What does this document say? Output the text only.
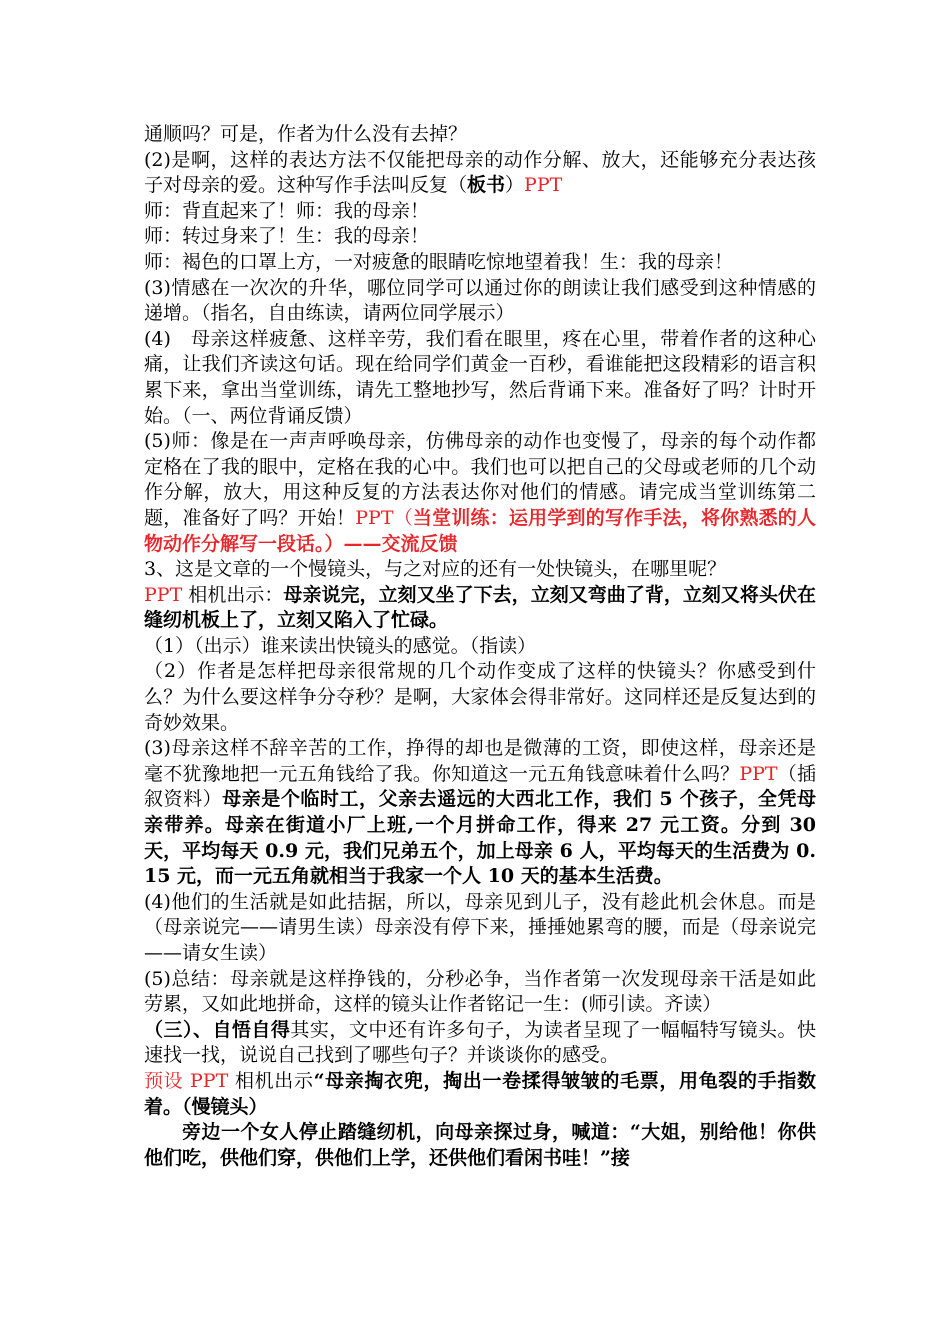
通顺吗？可是，作者为什么没有去掉？

(2)是啊，这样的表达方法不仅能把母亲的动作分解、放大，还能够充分表达孩子对母亲的爱。这种写作手法叫反复（板书）PPT

师：背直起来了！师：我的母亲！

师：转过身来了！生：我的母亲！

师：褐色的口罩上方，一对疲惫的眼睛吃惊地望着我！生：我的母亲！

(3)情感在一次次的升华，哪位同学可以通过你的朗读让我们感受到这种情感的递增。（指名，自由练读，请两位同学展示）

(4)　母亲这样疲惫、这样辛劳，我们看在眼里，疼在心里，带着作者的这种心痛，让我们齐读这句话。现在给同学们黄金一百秒，看谁能把这段精彩的语言积累下来，拿出当堂训练，请先工整地抄写，然后背诵下来。准备好了吗？计时开始。（一、两位背诵反馈）

(5)师：像是在一声声呼唤母亲，仿佛母亲的动作也变慢了，母亲的每个动作都定格在了我的眼中，定格在我的心中。我们也可以把自己的父母或老师的几个动作分解，放大，用这种反复的方法表达你对他们的情感。请完成当堂训练第二题，准备好了吗？开始！PPT（当堂训练：运用学到的写作手法，将你熟悉的人物动作分解写一段话。）——交流反馈

3、这是文章的一个慢镜头，与之对应的还有一处快镜头，在哪里呢？

PPT 相机出示：母亲说完，立刻又坐了下去，立刻又弯曲了背，立刻又将头伏在缝纫机板上了，立刻又陷入了忙碌。

（1）（出示）谁来读出快镜头的感觉。（指读）

（2）作者是怎样把母亲很常规的几个动作变成了这样的快镜头？你感受到什么？为什么要这样争分夺秒？是啊，大家体会得非常好。这同样还是反复达到的奇妙效果。

(3)母亲这样不辞辛苦的工作，挣得的却也是微薄的工资，即使这样，母亲还是毫不犹豫地把一元五角钱给了我。你知道这一元五角钱意味着什么吗？PPT（插叙资料）母亲是个临时工，父亲去遥远的大西北工作，我们 5 个孩子，全凭母亲带养。母亲在街道小厂上班,一个月拼命工作，得来 27 元工资。分到 30 天，平均每天 0.9 元，我们兄弟五个，加上母亲 6 人，平均每天的生活费为 0.15 元，而一元五角就相当于我家一个人 10 天的基本生活费。

(4)他们的生活就是如此拮据，所以，母亲见到儿子，没有趁此机会休息。而是（母亲说完——请男生读）母亲没有停下来，捶捶她累弯的腰，而是（母亲说完——请女生读）

(5)总结：母亲就是这样挣钱的，分秒必争，当作者第一次发现母亲干活是如此劳累，又如此地拼命，这样的镜头让作者铭记一生：(师引读。齐读）

（三）、自悟自得其实，文中还有许多句子，为读者呈现了一幅幅特写镜头。快速找一找，说说自己找到了哪些句子？并谈谈你的感受。

预设 PPT 相机出示“母亲掏衣兜，掏出一卷揉得皱皱的毛票，用龟裂的手指数着。（慢镜头）

旁边一个女人停止踏缝纫机，向母亲探过身，喊道：“大姐，别给他！你供他们吃，供他们穿，供他们上学，还供他们看闲书哇！”接
